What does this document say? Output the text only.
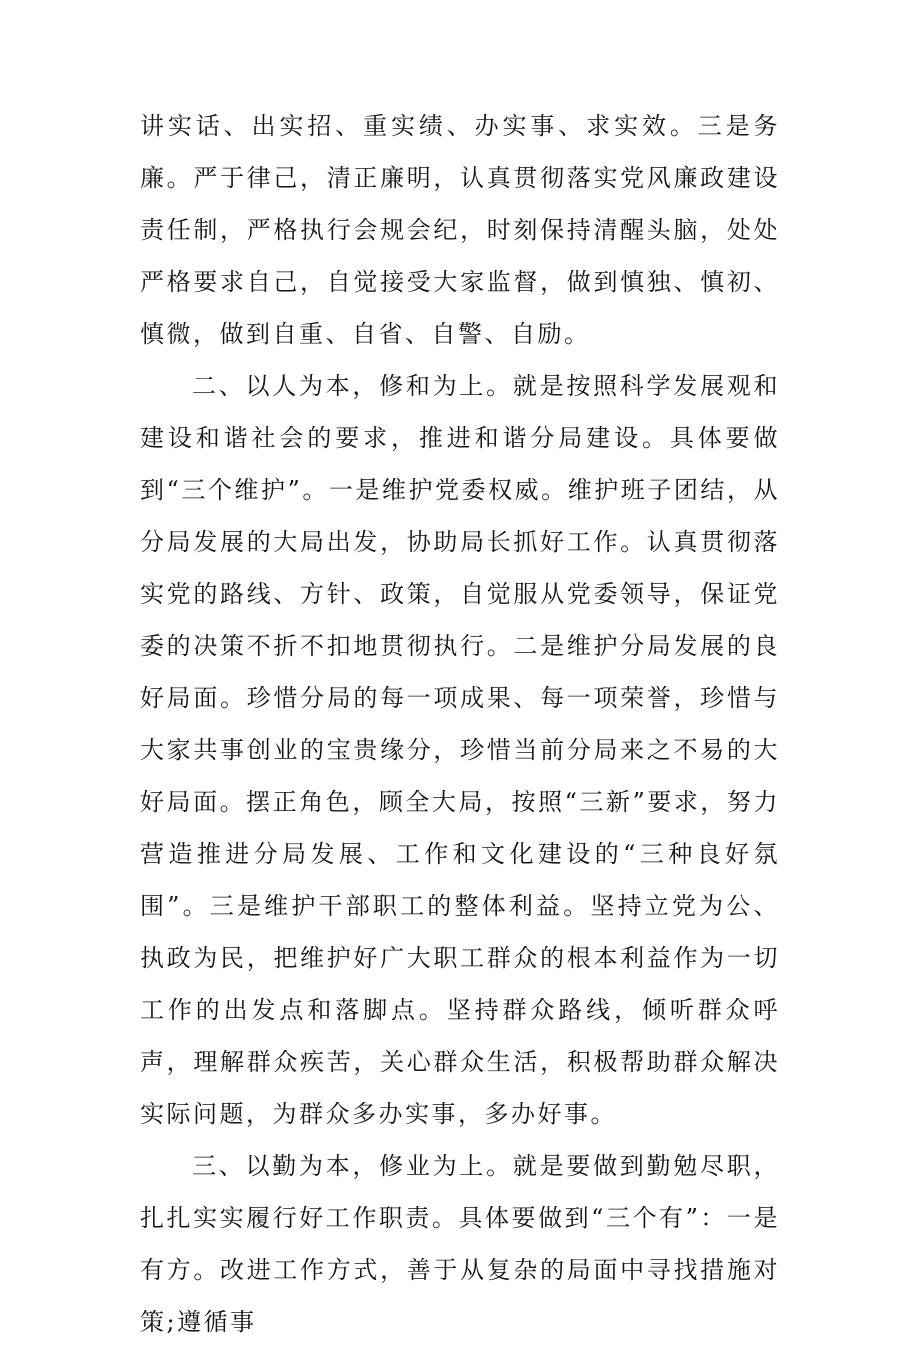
讲实话、出实招、重实绩、办实事、求实效。三是务廉。严于律己，清正廉明，认真贯彻落实党风廉政建设责任制，严格执行会规会纪，时刻保持清醒头脑，处处严格要求自己，自觉接受大家监督，做到慎独、慎初、慎微，做到自重、自省、自警、自励。

二、以人为本，修和为上。就是按照科学发展观和建设和谐社会的要求，推进和谐分局建设。具体要做到“三个维护”。一是维护党委权威。维护班子团结，从分局发展的大局出发，协助局长抓好工作。认真贯彻落实党的路线、方针、政策，自觉服从党委领导，保证党委的决策不折不扣地贯彻执行。二是维护分局发展的良好局面。珍惜分局的每一项成果、每一项荣誉，珍惜与大家共事创业的宝贵缘分，珍惜当前分局来之不易的大好局面。摆正角色，顾全大局，按照“三新”要求，努力营造推进分局发展、工作和文化建设的“三种良好氛围”。三是维护干部职工的整体利益。坚持立党为公、执政为民，把维护好广大职工群众的根本利益作为一切工作的出发点和落脚点。坚持群众路线，倾听群众呼声，理解群众疾苦，关心群众生活，积极帮助群众解决实际问题，为群众多办实事，多办好事。

三、以勤为本，修业为上。就是要做到勤勉尽职，扎扎实实履行好工作职责。具体要做到“三个有”：一是有方。改进工作方式，善于从复杂的局面中寻找措施对策;遵循事
